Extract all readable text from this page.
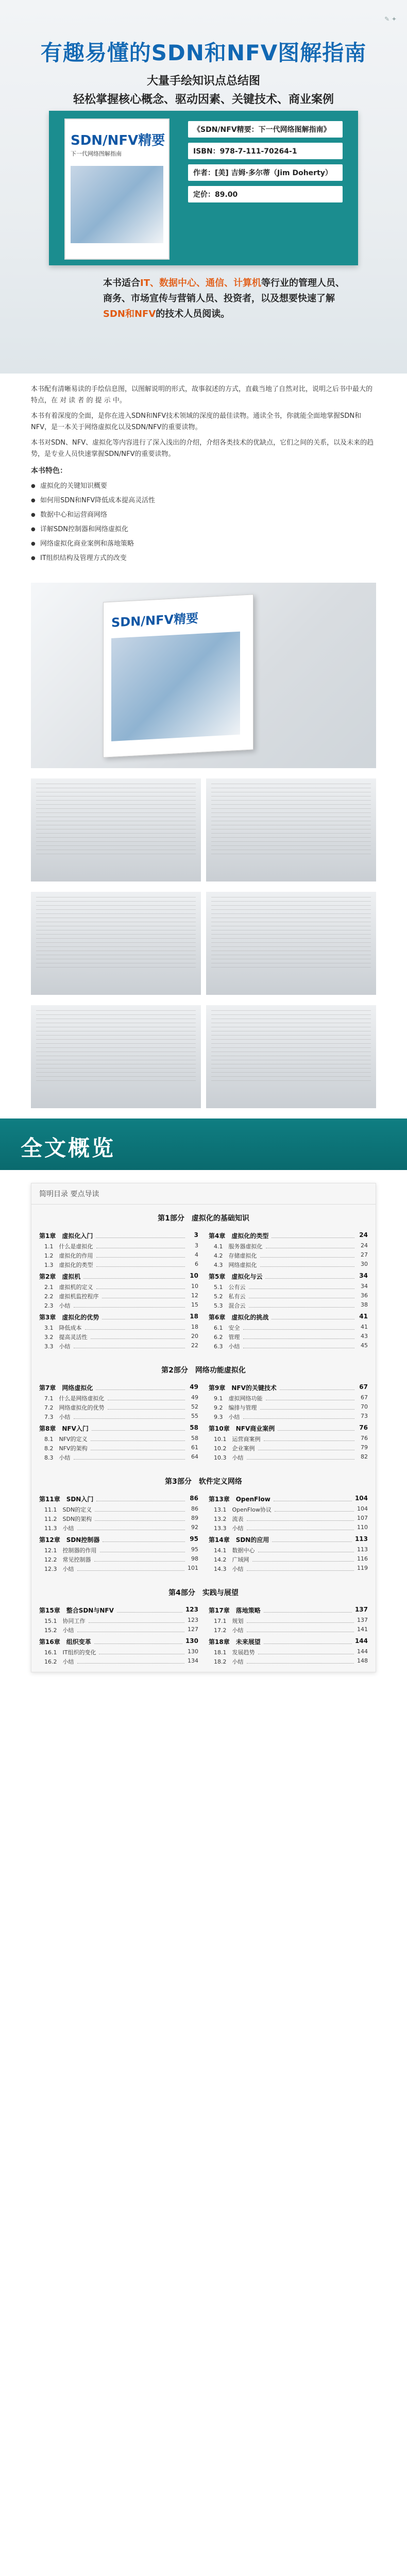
✎ ✦
有趣易懂的SDN和NFV图解指南
大量手绘知识点总结图
轻松掌握核心概念、驱动因素、关键技术、商业案例
SDN/NFV精要
下一代网络图解指南
《SDN/NFV精要：下一代网络图解指南》
ISBN：978-7-111-70264-1
作者：[美] 吉姆·多尔蒂（Jim Doherty）
定价：89.00
本书适合IT、数据中心、通信、计算机等行业的管理人员、
商务、市场宣传与营销人员、投资者，以及想要快速了解
SDN和NFV的技术人员阅读。

本书配有清晰易读的手绘信息图，以图解说明的形式，故事叙述的方式，直截当地了自然对比，说明之后书中最大的特点，在 对 读 者 的 提 示 中。

本书有着深度的全面，是你在进入SDN和NFV技术领域的深度的最佳读物。通读全书，你就能全面地掌握SDN和NFV，是一本关于网络虚拟化以及SDN/NFV的重要读物。

本书对SDN、NFV、虚拟化等内容进行了深入浅出的介绍，介绍各类技术的优缺点，它们之间的关系，以及未来的趋势，是专业人员快速掌握SDN/NFV的重要读物。

本书特色：
● 虚拟化的关键知识概要
● 如何用SDN和NFV降低成本提高灵活性
● 数据中心和运营商网络
● 详解SDN控制器和网络虚拟化
● 网络虚拟化商业案例和落地策略
● IT组织结构及管理方式的改变
SDN/NFV精要
全文概览
简明目录 要点导读
第1部分　虚拟化的基础知识
第1章　虚拟化入门	3
1.1　什么是虚拟化	3
1.2　虚拟化的作用	4
1.3　虚拟化的类型	6
第2章　虚拟机	10
2.1　虚拟机的定义	10
2.2　虚拟机监控程序	12
2.3　小结	15
第3章　虚拟化的优势	18
3.1　降低成本	18
3.2　提高灵活性	20
3.3　小结	22
第4章　虚拟化的类型	24
4.1　服务器虚拟化	24
4.2　存储虚拟化	27
4.3　网络虚拟化	30
第5章　虚拟化与云	34
5.1　公有云	34
5.2　私有云	36
5.3　混合云	38
第6章　虚拟化的挑战	41
6.1　安全	41
6.2　管理	43
6.3　小结	45
第2部分　网络功能虚拟化
第7章　网络虚拟化	49
7.1　什么是网络虚拟化	49
7.2　网络虚拟化的优势	52
7.3　小结	55
第8章　NFV入门	58
8.1　NFV的定义	58
8.2　NFV的架构	61
8.3　小结	64
第9章　NFV的关键技术	67
9.1　虚拟网络功能	67
9.2　编排与管理	70
9.3　小结	73
第10章　NFV商业案例	76
10.1　运营商案例	76
10.2　企业案例	79
10.3　小结	82
第3部分　软件定义网络
第11章　SDN入门	86
11.1　SDN的定义	86
11.2　SDN的架构	89
11.3　小结	92
第12章　SDN控制器	95
12.1　控制器的作用	95
12.2　常见控制器	98
12.3　小结	101
第13章　OpenFlow	104
13.1　OpenFlow协议	104
13.2　流表	107
13.3　小结	110
第14章　SDN的应用	113
14.1　数据中心	113
14.2　广域网	116
14.3　小结	119
第4部分　实践与展望
第15章　整合SDN与NFV	123
15.1　协同工作	123
15.2　小结	127
第16章　组织变革	130
16.1　IT组织的变化	130
16.2　小结	134
第17章　落地策略	137
17.1　规划	137
17.2　小结	141
第18章　未来展望	144
18.1　发展趋势	144
18.2　小结	148
